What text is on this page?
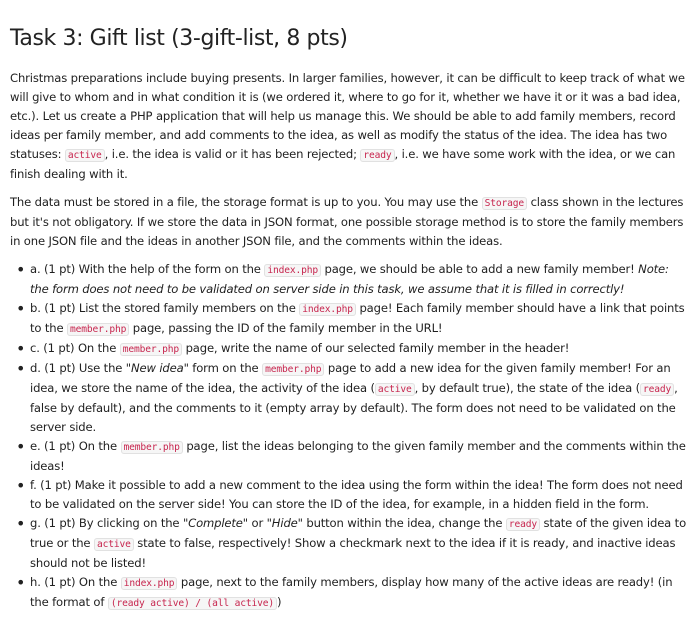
Task 3: Gift list (3-gift-list, 8 pts)

Christmas preparations include buying presents. In larger families, however, it can be difficult to keep track of what we will give to whom and in what condition it is (we ordered it, where to go for it, whether we have it or it was a bad idea, etc.). Let us create a PHP application that will help us manage this. We should be able to add family members, record ideas per family member, and add comments to the idea, as well as modify the status of the idea. The idea has two statuses: active , i.e. the idea is valid or it has been rejected; ready , i.e. we have some work with the idea, or we can finish dealing with it.

The data must be stored in a file, the storage format is up to you. You may use the Storage class shown in the lectures but it's not obligatory. If we store the data in JSON format, one possible storage method is to store the family members in one JSON file and the ideas in another JSON file, and the comments within the ideas.

• a. (1 pt) With the help of the form on the index.php page, we should be able to add a new family member! Note: the form does not need to be validated on server side in this task, we assume that it is filled in correctly!
• b. (1 pt) List the stored family members on the index.php page! Each family member should have a link that points to the member.php page, passing the ID of the family member in the URL!
• c. (1 pt) On the member.php page, write the name of our selected family member in the header!
• d. (1 pt) Use the "New idea" form on the member.php page to add a new idea for the given family member! For an idea, we store the name of the idea, the activity of the idea ( active , by default true), the state of the idea ( ready , false by default), and the comments to it (empty array by default). The form does not need to be validated on the server side.
• e. (1 pt) On the member.php page, list the ideas belonging to the given family member and the comments within the ideas!
• f. (1 pt) Make it possible to add a new comment to the idea using the form within the idea! The form does not need to be validated on the server side! You can store the ID of the idea, for example, in a hidden field in the form.
• g. (1 pt) By clicking on the "Complete" or "Hide" button within the idea, change the ready state of the given idea to true or the active state to false, respectively! Show a checkmark next to the idea if it is ready, and inactive ideas should not be listed!
• h. (1 pt) On the index.php page, next to the family members, display how many of the active ideas are ready! (in the format of (ready active) / (all active) )
